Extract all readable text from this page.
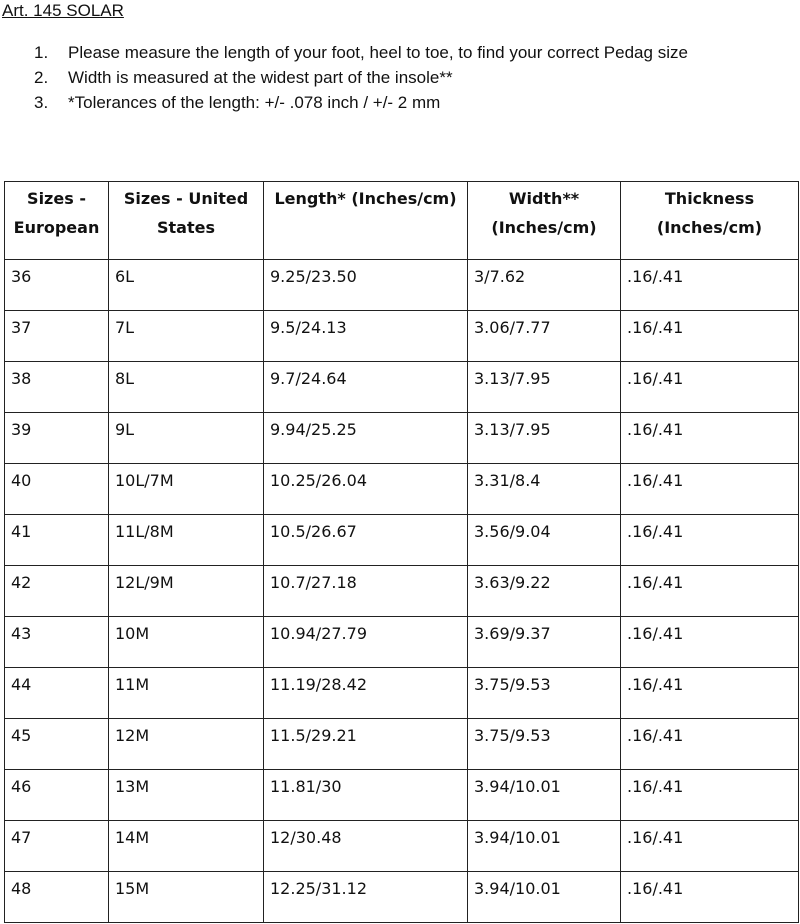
Art. 145 SOLAR
1.	Please measure the length of your foot, heel to toe, to find your correct Pedag size
2.	Width is measured at the widest part of the insole**
3.	*Tolerances of the length: +/- .078 inch / +/- 2 mm
Sizes - European	Sizes - United States	Length* (Inches/cm)	Width** (Inches/cm)	Thickness (Inches/cm)
36	6L	9.25/23.50	3/7.62	.16/.41
37	7L	9.5/24.13	3.06/7.77	.16/.41
38	8L	9.7/24.64	3.13/7.95	.16/.41
39	9L	9.94/25.25	3.13/7.95	.16/.41
40	10L/7M	10.25/26.04	3.31/8.4	.16/.41
41	11L/8M	10.5/26.67	3.56/9.04	.16/.41
42	12L/9M	10.7/27.18	3.63/9.22	.16/.41
43	10M	10.94/27.79	3.69/9.37	.16/.41
44	11M	11.19/28.42	3.75/9.53	.16/.41
45	12M	11.5/29.21	3.75/9.53	.16/.41
46	13M	11.81/30	3.94/10.01	.16/.41
47	14M	12/30.48	3.94/10.01	.16/.41
48	15M	12.25/31.12	3.94/10.01	.16/.41
